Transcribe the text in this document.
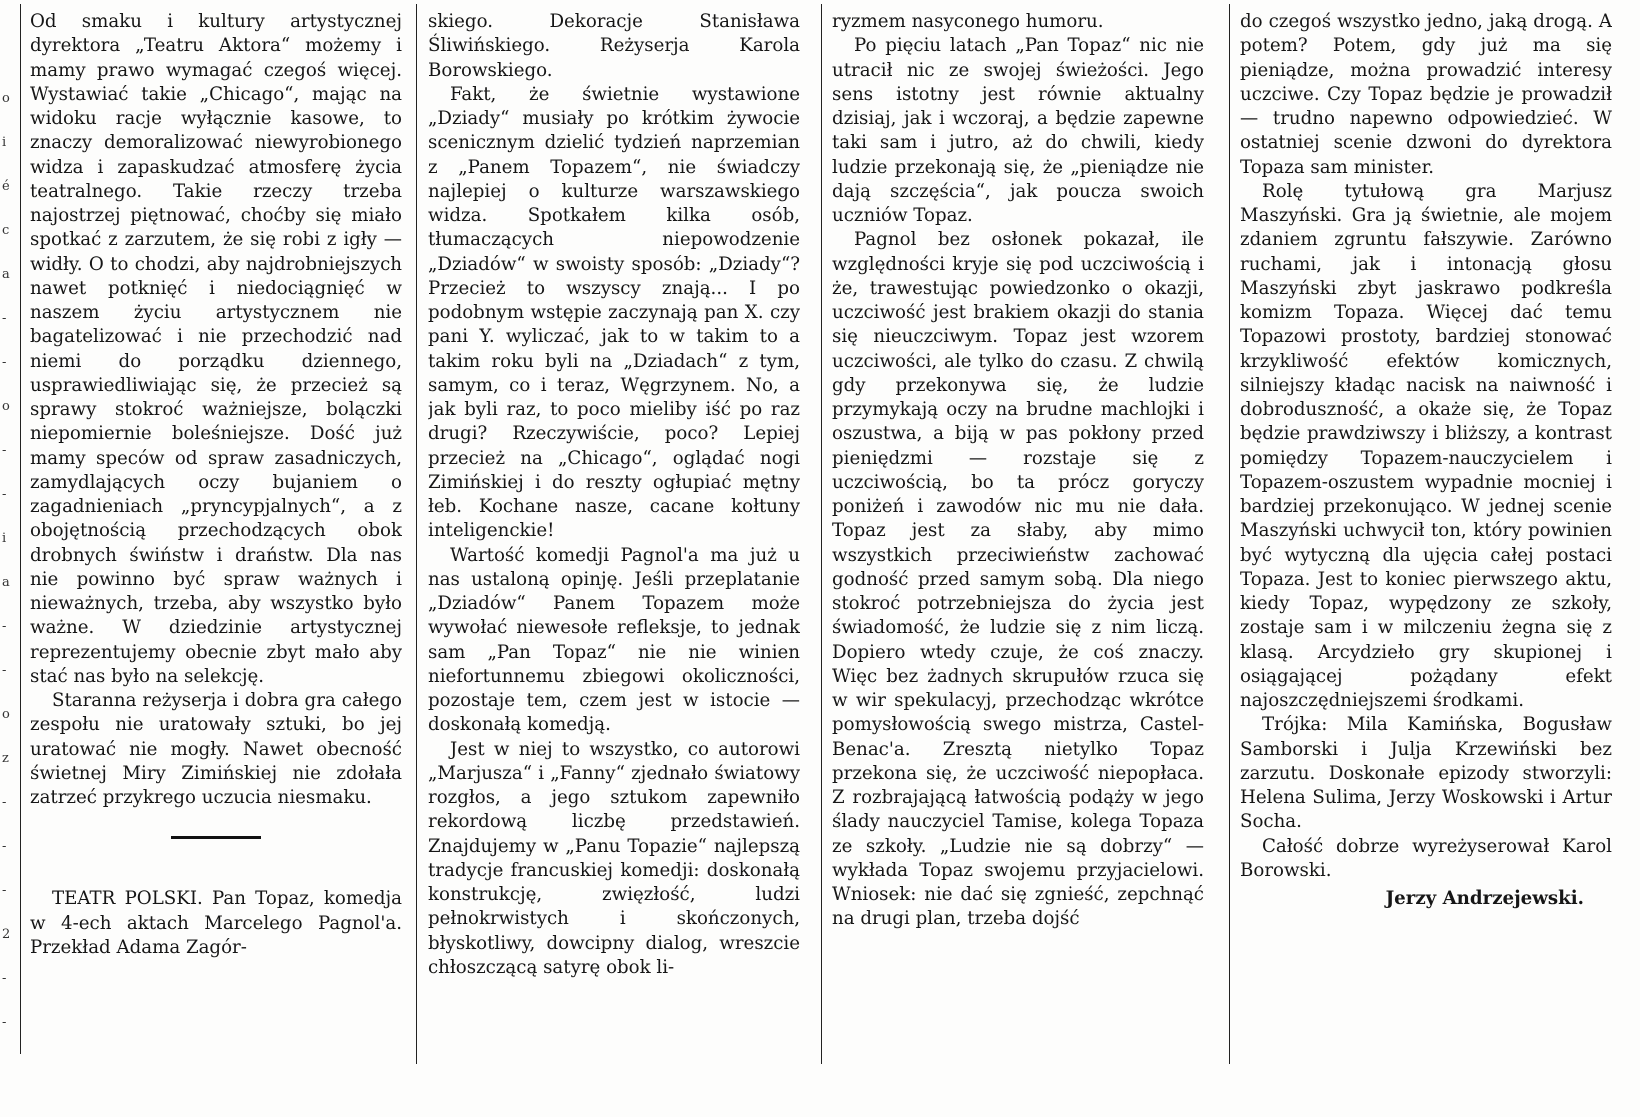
o
i
é
c
a
-
-
o
-
-
i
a
-
-
o
z
-
-
-
2
-
-

Od smaku i kultury artystycznej dyrektora „Teatru Aktora“ możemy i mamy prawo wymagać czegoś więcej. Wystawiać takie „Chicago“, mając na widoku racje wyłącznie kasowe, to znaczy demoralizować niewyrobionego widza i zapaskudzać atmosferę życia teatralnego. Takie rzeczy trzeba najostrzej piętnować, choćby się miało spotkać z zarzutem, że się robi z igły — widły. O to chodzi, aby najdrobniejszych nawet potknięć i niedociągnięć w naszem życiu artystycznem nie bagatelizować i nie przechodzić nad niemi do porządku dziennego, usprawiedliwiając się, że przecież są sprawy stokroć ważniejsze, bolączki niepomiernie boleśniejsze. Dość już mamy speców od spraw zasadniczych, zamydlających oczy bujaniem o zagadnieniach „pryncypjalnych“, a z obojętnością przechodzących obok drobnych świństw i draństw. Dla nas nie powinno być spraw ważnych i nieważnych, trzeba, aby wszystko było ważne. W dziedzinie artystycznej reprezentujemy obecnie zbyt mało aby stać nas było na selekcję.

Staranna reżyserja i dobra gra całego zespołu nie uratowały sztuki, bo jej uratować nie mogły. Nawet obecność świetnej Miry Zimińskiej nie zdołała zatrzeć przykrego uczucia niesmaku.

TEATR POLSKI. Pan Topaz, komedja w 4-ech aktach Marcelego Pagnol'a. Przekład Adama Zagór-

skiego. Dekoracje Stanisława Śliwińskiego. Reżyserja Karola Borowskiego.

Fakt, że świetnie wystawione „Dziady“ musiały po krótkim żywocie scenicznym dzielić tydzień naprzemian z „Panem Topazem“, nie świadczy najlepiej o kulturze warszawskiego widza. Spotkałem kilka osób, tłumaczących niepowodzenie „Dziadów“ w swoisty sposób: „Dziady“? Przecież to wszyscy znają... I po podobnym wstępie zaczynają pan X. czy pani Y. wyliczać, jak to w takim to a takim roku byli na „Dziadach“ z tym, samym, co i teraz, Węgrzynem. No, a jak byli raz, to poco mieliby iść po raz drugi? Rzeczywiście, poco? Lepiej przecież na „Chicago“, oglądać nogi Zimińskiej i do reszty ogłupiać mętny łeb. Kochane nasze, cacane kołtuny inteligenckie!

Wartość komedji Pagnol'a ma już u nas ustaloną opinję. Jeśli przeplatanie „Dziadów“ Panem Topazem może wywołać niewesołe refleksje, to jednak sam „Pan Topaz“ nie nie winien niefortunnemu zbiegowi okoliczności, pozostaje tem, czem jest w istocie — doskonałą komedją.

Jest w niej to wszystko, co autorowi „Marjusza“ i „Fanny“ zjednało światowy rozgłos, a jego sztukom zapewniło rekordową liczbę przedstawień. Znajdujemy w „Panu Topazie“ najlepszą tradycje francuskiej komedji: doskonałą konstrukcję, zwięzłość, ludzi pełnokrwistych i skończonych, błyskotliwy, dowcipny dialog, wreszcie chłoszczącą satyrę obok li-

ryzmem nasyconego humoru.

Po pięciu latach „Pan Topaz“ nic nie utracił nic ze swojej świeżości. Jego sens istotny jest równie aktualny dzisiaj, jak i wczoraj, a będzie zapewne taki sam i jutro, aż do chwili, kiedy ludzie przekonają się, że „pieniądze nie dają szczęścia“, jak poucza swoich uczniów Topaz.

Pagnol bez osłonek pokazał, ile względności kryje się pod uczciwością i że, trawestując powiedzonko o okazji, uczciwość jest brakiem okazji do stania się nieuczciwym. Topaz jest wzorem uczciwości, ale tylko do czasu. Z chwilą gdy przekonywa się, że ludzie przymykają oczy na brudne machlojki i oszustwa, a biją w pas pokłony przed pieniędzmi — rozstaje się z uczciwością, bo ta prócz goryczy poniżeń i zawodów nic mu nie dała. Topaz jest za słaby, aby mimo wszystkich przeciwieństw zachować godność przed samym sobą. Dla niego stokroć potrzebniejsza do życia jest świadomość, że ludzie się z nim liczą. Dopiero wtedy czuje, że coś znaczy. Więc bez żadnych skrupułów rzuca się w wir spekulacyj, przechodząc wkrótce pomysłowością swego mistrza, Castel-Benac'a. Zresztą nietylko Topaz przekona się, że uczciwość niepopłaca. Z rozbrajającą łatwością podąży w jego ślady nauczyciel Tamise, kolega Topaza ze szkoły. „Ludzie nie są dobrzy“ — wykłada Topaz swojemu przyjacielowi. Wniosek: nie dać się zgnieść, zepchnąć na drugi plan, trzeba dojść

do czegoś wszystko jedno, jaką drogą. A potem? Potem, gdy już ma się pieniądze, można prowadzić interesy uczciwe. Czy Topaz będzie je prowadził — trudno napewno odpowiedzieć. W ostatniej scenie dzwoni do dyrektora Topaza sam minister.

Rolę tytułową gra Marjusz Maszyński. Gra ją świetnie, ale mojem zdaniem zgruntu fałszywie. Zarówno ruchami, jak i intonacją głosu Maszyński zbyt jaskrawo podkreśla komizm Topaza. Więcej dać temu Topazowi prostoty, bardziej stonować krzykliwość efektów komicznych, silniejszy kładąc nacisk na naiwność i dobroduszność, a okaże się, że Topaz będzie prawdziwszy i bliższy, a kontrast pomiędzy Topazem-nauczycielem i Topazem-oszustem wypadnie mocniej i bardziej przekonująco. W jednej scenie Maszyński uchwycił ton, który powinien być wytyczną dla ujęcia całej postaci Topaza. Jest to koniec pierwszego aktu, kiedy Topaz, wypędzony ze szkoły, zostaje sam i w milczeniu żegna się z klasą. Arcydzieło gry skupionej i osiągającej pożądany efekt najoszczędniejszemi środkami.

Trójka: Mila Kamińska, Bogusław Samborski i Julja Krzewiński bez zarzutu. Doskonałe epizody stworzyli: Helena Sulima, Jerzy Woskowski i Artur Socha.

Całość dobrze wyreżyserował Karol Borowski.

Jerzy Andrzejewski.
